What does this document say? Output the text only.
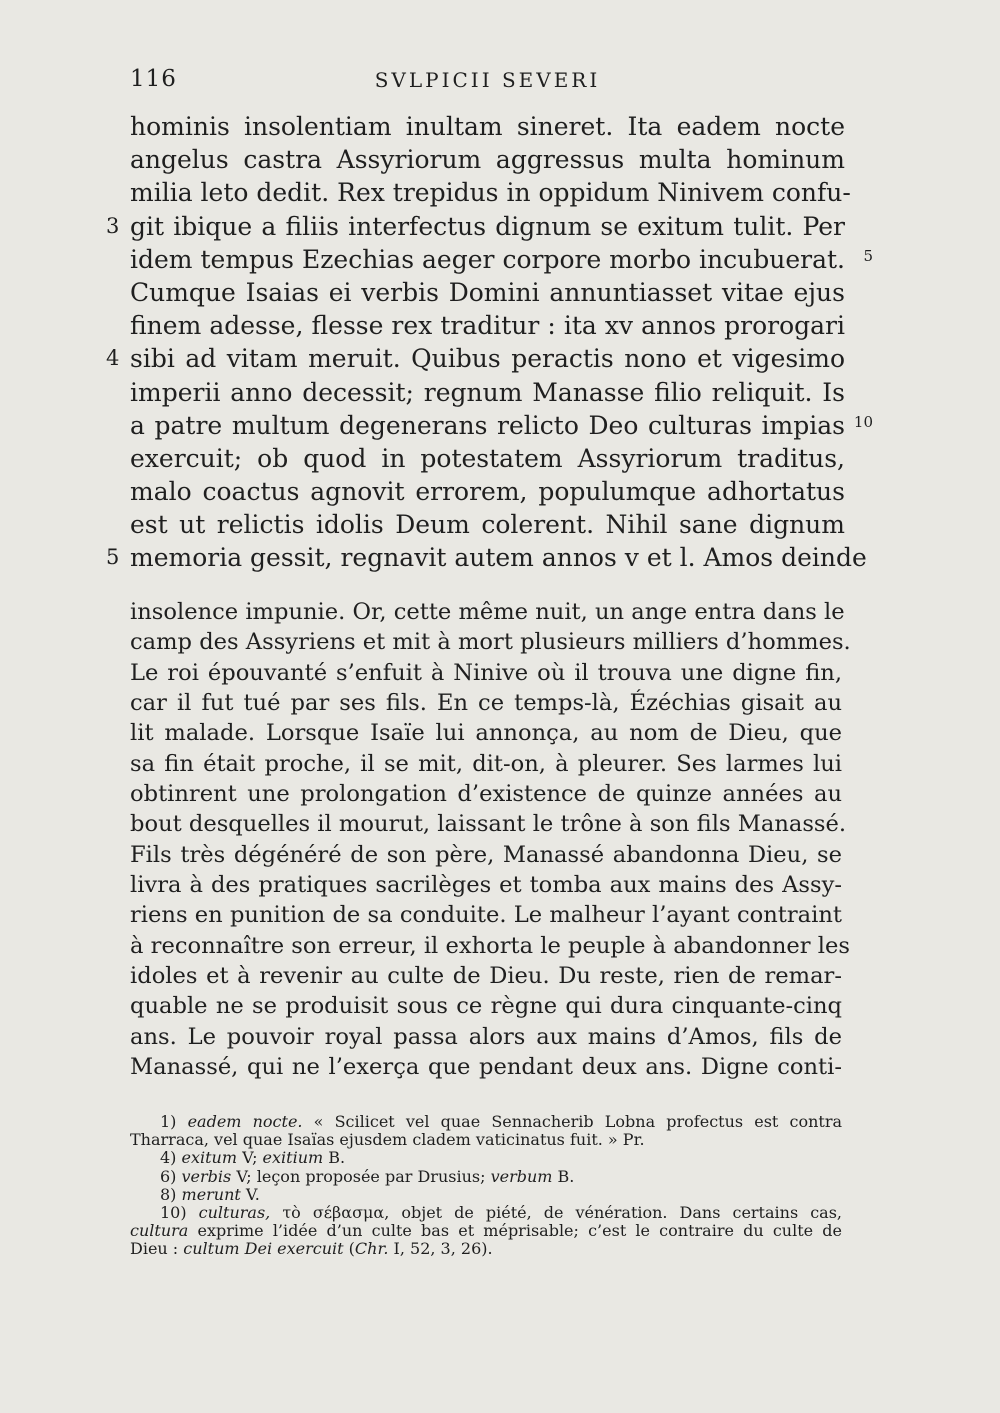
116	SVLPICII SEVERI
hominis insolentiam inultam sineret. Ita eadem nocte
angelus castra Assyriorum aggressus multa hominum
milia leto dedit. Rex trepidus in oppidum Ninivem confu-
git ibique a filiis interfectus dignum se exitum tulit. Per
3
idem tempus Ezechias aeger corpore morbo incubuerat. 5
Cumque Isaias ei verbis Domini annuntiasset vitae ejus
finem adesse, flesse rex traditur : ita xv annos prorogari
sibi ad vitam meruit. Quibus peractis nono et vigesimo
4
imperii anno decessit; regnum Manasse filio reliquit. Is
a patre multum degenerans relicto Deo culturas impias 10
exercuit; ob quod in potestatem Assyriorum traditus,
malo coactus agnovit errorem, populumque adhortatus
est ut relictis idolis Deum colerent. Nihil sane dignum
memoria gessit, regnavit autem annos v et l. Amos deinde
5
insolence impunie. Or, cette même nuit, un ange entra dans le
camp des Assyriens et mit à mort plusieurs milliers d’hommes.
Le roi épouvanté s’enfuit à Ninive où il trouva une digne fin,
car il fut tué par ses fils. En ce temps-là, Ézéchias gisait au
lit malade. Lorsque Isaïe lui annonça, au nom de Dieu, que
sa fin était proche, il se mit, dit-on, à pleurer. Ses larmes lui
obtinrent une prolongation d’existence de quinze années au
bout desquelles il mourut, laissant le trône à son fils Manassé.
Fils très dégénéré de son père, Manassé abandonna Dieu, se
livra à des pratiques sacrilèges et tomba aux mains des Assy-
riens en punition de sa conduite. Le malheur l’ayant contraint
à reconnaître son erreur, il exhorta le peuple à abandonner les
idoles et à revenir au culte de Dieu. Du reste, rien de remar-
quable ne se produisit sous ce règne qui dura cinquante-cinq
ans. Le pouvoir royal passa alors aux mains d’Amos, fils de
Manassé, qui ne l’exerça que pendant deux ans. Digne conti-
1) eadem nocte. « Scilicet vel quae Sennacherib Lobna profectus est contra
Tharraca, vel quae Isaïas ejusdem cladem vaticinatus fuit. » Pr.
4) exitum V; exitium B.
6) verbis V; leçon proposée par Drusius; verbum B.
8) merunt V.
10) culturas, τὸ σέβασμα, objet de piété, de vénération. Dans certains cas,
cultura exprime l’idée d’un culte bas et méprisable; c’est le contraire du culte de
Dieu : cultum Dei exercuit (Chr. I, 52, 3, 26).
